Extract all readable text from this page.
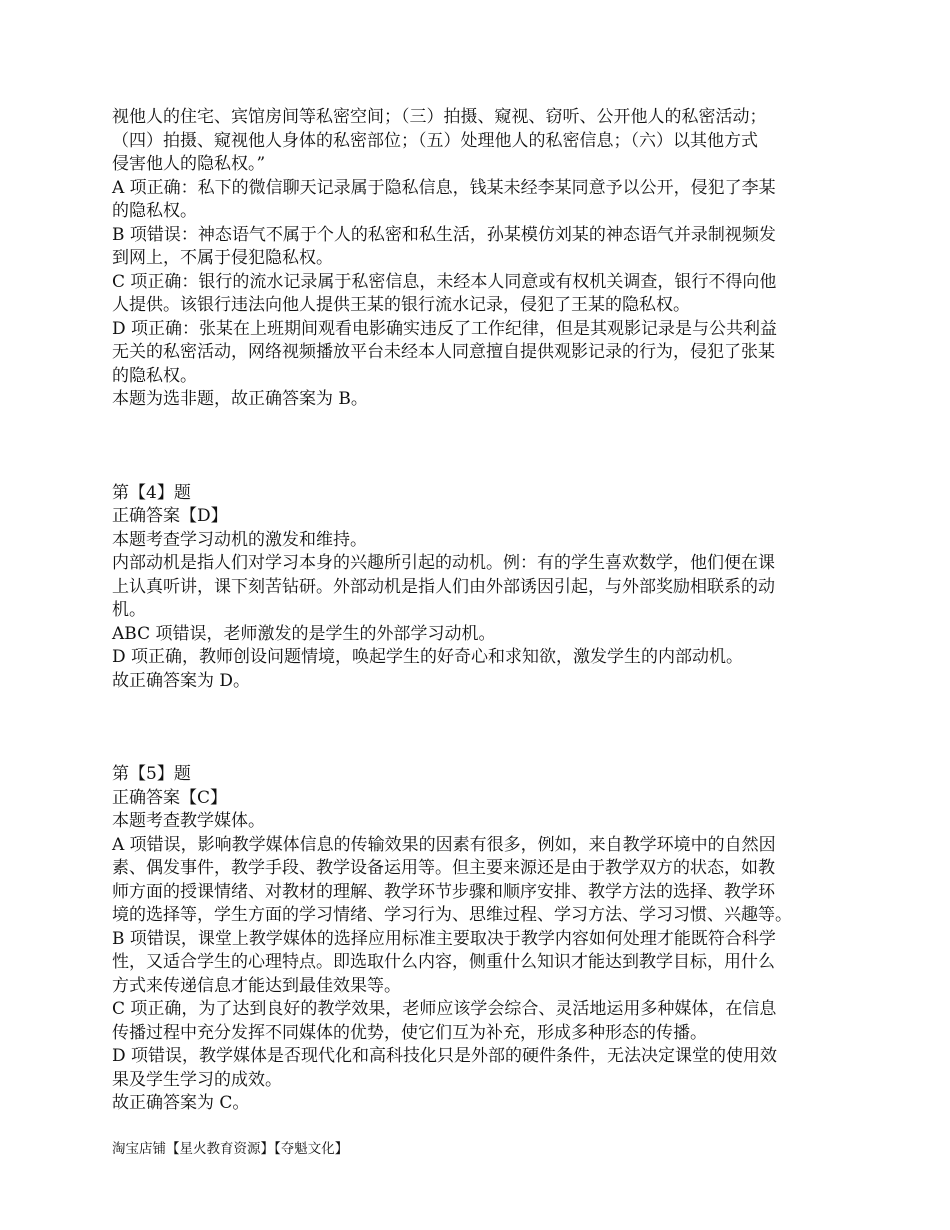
视他人的住宅、宾馆房间等私密空间；（三）拍摄、窥视、窃听、公开他人的私密活动；
（四）拍摄、窥视他人身体的私密部位；（五）处理他人的私密信息；（六）以其他方式
侵害他人的隐私权。”
A 项正确：私下的微信聊天记录属于隐私信息，钱某未经李某同意予以公开，侵犯了李某
的隐私权。
B 项错误：神态语气不属于个人的私密和私生活，孙某模仿刘某的神态语气并录制视频发
到网上，不属于侵犯隐私权。
C 项正确：银行的流水记录属于私密信息，未经本人同意或有权机关调查，银行不得向他
人提供。该银行违法向他人提供王某的银行流水记录，侵犯了王某的隐私权。
D 项正确：张某在上班期间观看电影确实违反了工作纪律，但是其观影记录是与公共利益
无关的私密活动，网络视频播放平台未经本人同意擅自提供观影记录的行为，侵犯了张某
的隐私权。
本题为选非题，故正确答案为 B。
第【4】题
正确答案【D】
本题考查学习动机的激发和维持。
内部动机是指人们对学习本身的兴趣所引起的动机。例：有的学生喜欢数学，他们便在课
上认真听讲，课下刻苦钻研。外部动机是指人们由外部诱因引起，与外部奖励相联系的动
机。
ABC 项错误，老师激发的是学生的外部学习动机。
D 项正确，教师创设问题情境，唤起学生的好奇心和求知欲，激发学生的内部动机。
故正确答案为 D。
第【5】题
正确答案【C】
本题考查教学媒体。
A 项错误，影响教学媒体信息的传输效果的因素有很多，例如，来自教学环境中的自然因
素、偶发事件，教学手段、教学设备运用等。但主要来源还是由于教学双方的状态，如教
师方面的授课情绪、对教材的理解、教学环节步骤和顺序安排、教学方法的选择、教学环
境的选择等，学生方面的学习情绪、学习行为、思维过程、学习方法、学习习惯、兴趣等。
B 项错误，课堂上教学媒体的选择应用标准主要取决于教学内容如何处理才能既符合科学
性，又适合学生的心理特点。即选取什么内容，侧重什么知识才能达到教学目标，用什么
方式来传递信息才能达到最佳效果等。
C 项正确，为了达到良好的教学效果，老师应该学会综合、灵活地运用多种媒体，在信息
传播过程中充分发挥不同媒体的优势，使它们互为补充，形成多种形态的传播。
D 项错误，教学媒体是否现代化和高科技化只是外部的硬件条件，无法决定课堂的使用效
果及学生学习的成效。
故正确答案为 C。
淘宝店铺【星火教育资源】【夺魁文化】
